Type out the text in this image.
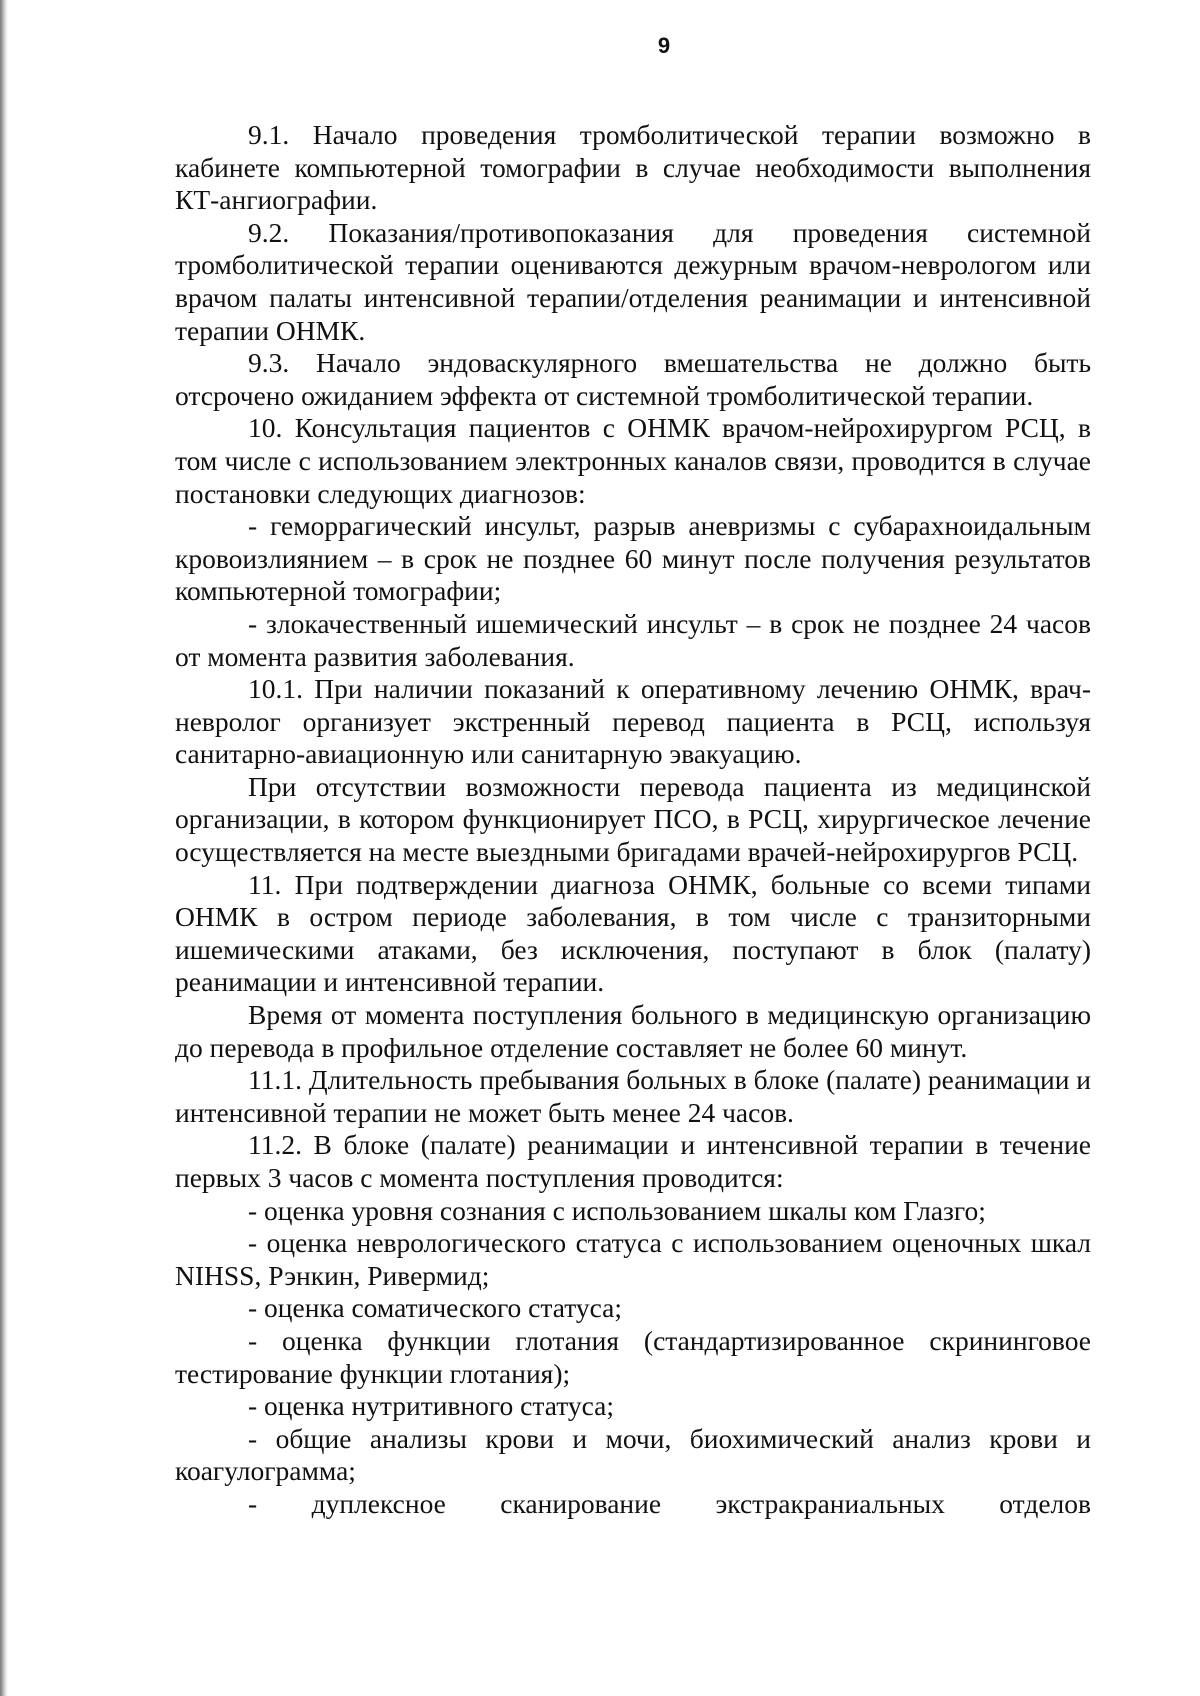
9

9.1. Начало проведения тромболитической терапии возможно в кабинете компьютерной томографии в случае необходимости выполнения КТ-ангиографии.

9.2. Показания/противопоказания для проведения системной тромболитической терапии оцениваются дежурным врачом-неврологом или врачом палаты интенсивной терапии/отделения реанимации и интенсивной терапии ОНМК.

9.3. Начало эндоваскулярного вмешательства не должно быть отсрочено ожиданием эффекта от системной тромболитической терапии.

10. Консультация пациентов с ОНМК врачом-нейрохирургом РСЦ, в том числе с использованием электронных каналов связи, проводится в случае постановки следующих диагнозов:

- геморрагический инсульт, разрыв аневризмы с субарахноидальным кровоизлиянием – в срок не позднее 60 минут после получения результатов компьютерной томографии;

- злокачественный ишемический инсульт – в срок не позднее 24 часов от момента развития заболевания.

10.1. При наличии показаний к оперативному лечению ОНМК, врач-невролог организует экстренный перевод пациента в РСЦ, используя санитарно-авиационную или санитарную эвакуацию.

При отсутствии возможности перевода пациента из медицинской организации, в котором функционирует ПСО, в РСЦ, хирургическое лечение осуществляется на месте выездными бригадами врачей-нейрохирургов РСЦ.

11. При подтверждении диагноза ОНМК, больные со всеми типами ОНМК в остром периоде заболевания, в том числе с транзиторными ишемическими атаками, без исключения, поступают в блок (палату) реанимации и интенсивной терапии.

Время от момента поступления больного в медицинскую организацию до перевода в профильное отделение составляет не более 60 минут.

11.1. Длительность пребывания больных в блоке (палате) реанимации и интенсивной терапии не может быть менее 24 часов.

11.2. В блоке (палате) реанимации и интенсивной терапии в течение первых 3 часов с момента поступления проводится:

- оценка уровня сознания с использованием шкалы ком Глазго;

- оценка неврологического статуса с использованием оценочных шкал NIHSS, Рэнкин, Ривермид;

- оценка соматического статуса;

- оценка функции глотания (стандартизированное скрининговое тестирование функции глотания);

- оценка нутритивного статуса;

- общие анализы крови и мочи, биохимический анализ крови и коагулограмма;

- дуплексное сканирование экстракраниальных отделов
